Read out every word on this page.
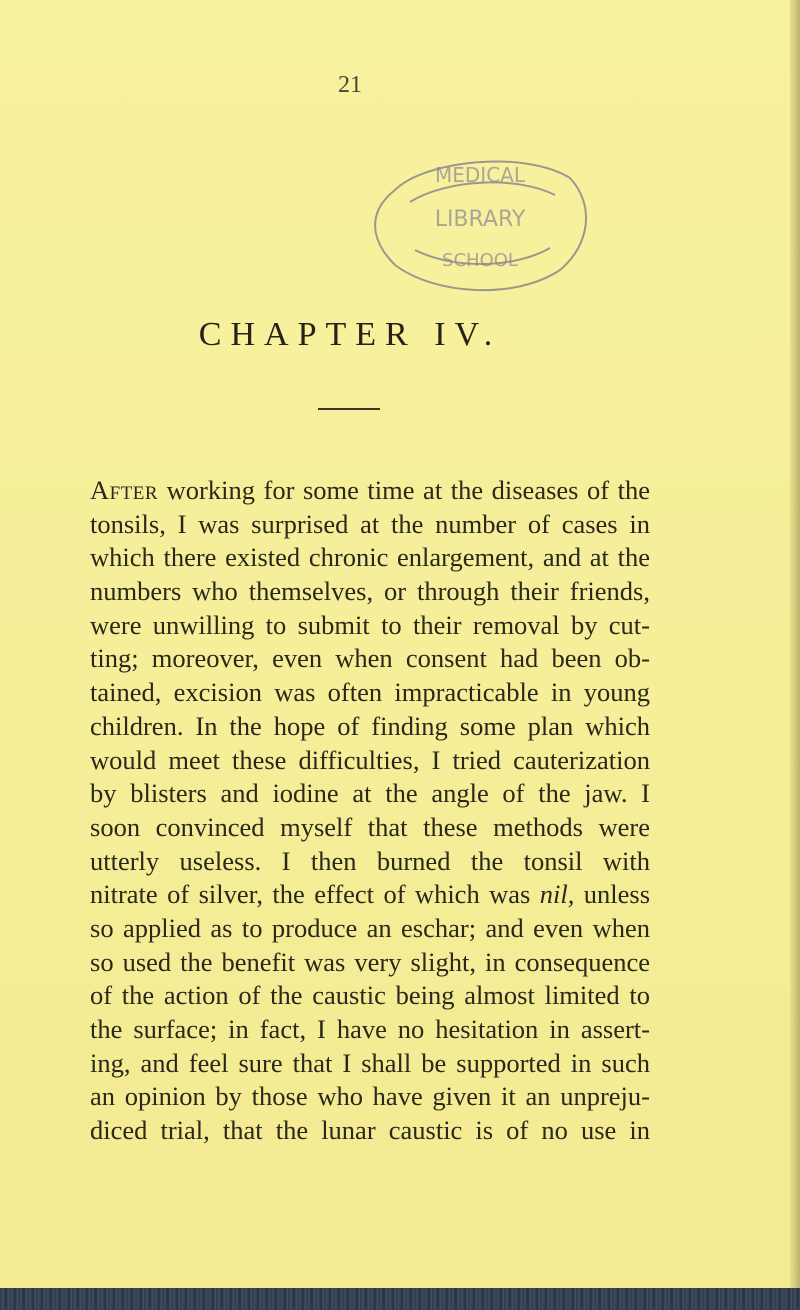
21
MEDICAL
LIBRARY
SCHOOL
CHAPTER IV.
After working for some time at the diseases of the
tonsils, I was surprised at the number of cases in
which there existed chronic enlargement, and at the
numbers who themselves, or through their friends,
were unwilling to submit to their removal by cut-
ting; moreover, even when consent had been ob-
tained, excision was often impracticable in young
children. In the hope of finding some plan which
would meet these difficulties, I tried cauterization
by blisters and iodine at the angle of the jaw. I
soon convinced myself that these methods were
utterly useless. I then burned the tonsil with
nitrate of silver, the effect of which was nil, unless
so applied as to produce an eschar; and even when
so used the benefit was very slight, in consequence
of the action of the caustic being almost limited to
the surface; in fact, I have no hesitation in assert-
ing, and feel sure that I shall be supported in such
an opinion by those who have given it an unpreju-
diced trial, that the lunar caustic is of no use in
